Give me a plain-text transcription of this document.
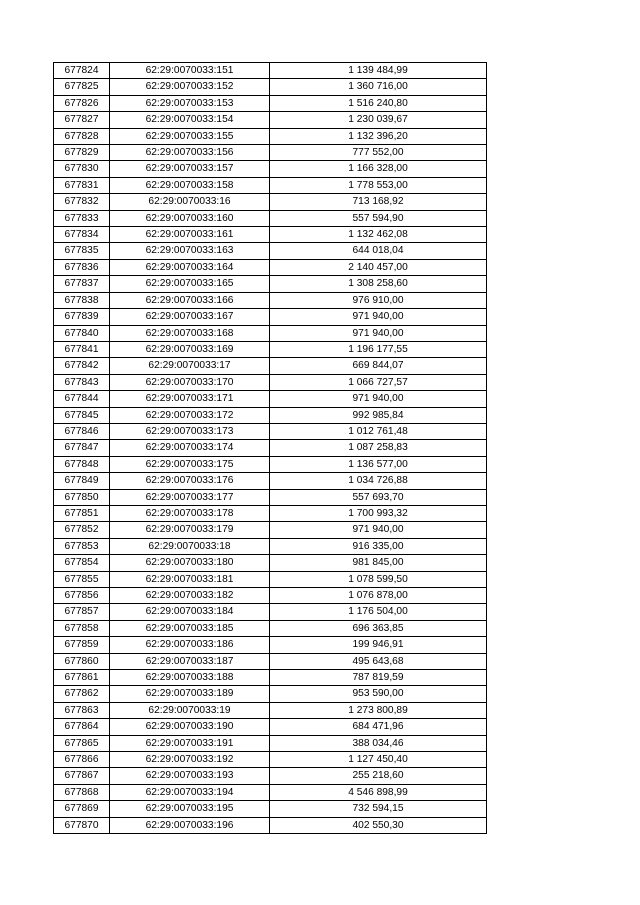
677824	62:29:0070033:151	1 139 484,99
677825	62:29:0070033:152	1 360 716,00
677826	62:29:0070033:153	1 516 240,80
677827	62:29:0070033:154	1 230 039,67
677828	62:29:0070033:155	1 132 396,20
677829	62:29:0070033:156	777 552,00
677830	62:29:0070033:157	1 166 328,00
677831	62:29:0070033:158	1 778 553,00
677832	62:29:0070033:16	713 168,92
677833	62:29:0070033:160	557 594,90
677834	62:29:0070033:161	1 132 462,08
677835	62:29:0070033:163	644 018,04
677836	62:29:0070033:164	2 140 457,00
677837	62:29:0070033:165	1 308 258,60
677838	62:29:0070033:166	976 910,00
677839	62:29:0070033:167	971 940,00
677840	62:29:0070033:168	971 940,00
677841	62:29:0070033:169	1 196 177,55
677842	62:29:0070033:17	669 844,07
677843	62:29:0070033:170	1 066 727,57
677844	62:29:0070033:171	971 940,00
677845	62:29:0070033:172	992 985,84
677846	62:29:0070033:173	1 012 761,48
677847	62:29:0070033:174	1 087 258,83
677848	62:29:0070033:175	1 136 577,00
677849	62:29:0070033:176	1 034 726,88
677850	62:29:0070033:177	557 693,70
677851	62:29:0070033:178	1 700 993,32
677852	62:29:0070033:179	971 940,00
677853	62:29:0070033:18	916 335,00
677854	62:29:0070033:180	981 845,00
677855	62:29:0070033:181	1 078 599,50
677856	62:29:0070033:182	1 076 878,00
677857	62:29:0070033:184	1 176 504,00
677858	62:29:0070033:185	696 363,85
677859	62:29:0070033:186	199 946,91
677860	62:29:0070033:187	495 643,68
677861	62:29:0070033:188	787 819,59
677862	62:29:0070033:189	953 590,00
677863	62:29:0070033:19	1 273 800,89
677864	62:29:0070033:190	684 471,96
677865	62:29:0070033:191	388 034,46
677866	62:29:0070033:192	1 127 450,40
677867	62:29:0070033:193	255 218,60
677868	62:29:0070033:194	4 546 898,99
677869	62:29:0070033:195	732 594,15
677870	62:29:0070033:196	402 550,30
